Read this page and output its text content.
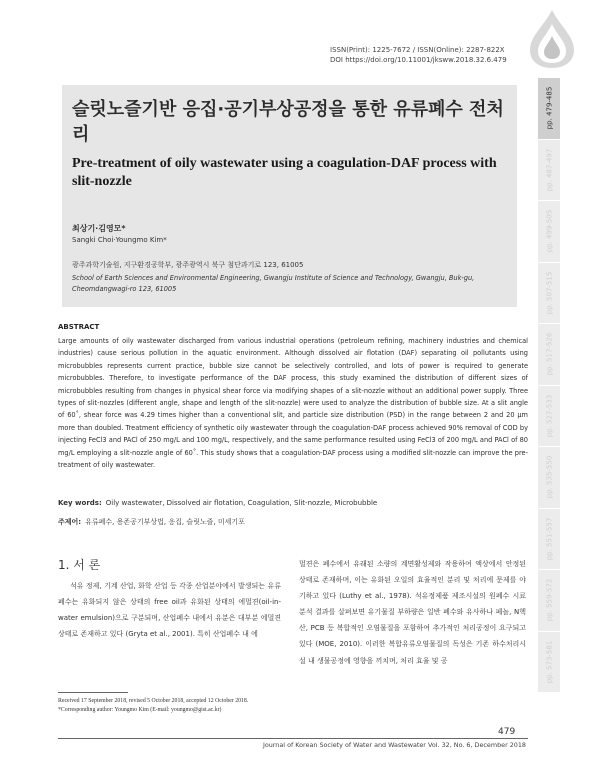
ISSN(Print): 1225-7672 / ISSN(Online): 2287-822X
DOI https://doi.org/10.11001/jksww.2018.32.6.479
슬릿노즐기반 응집·공기부상공정을 통한 유류폐수 전처리
Pre-treatment of oily wastewater using a coagulation-DAF process with slit-nozzle
최상기·김영모*
Sangki Choi·Youngmo Kim*
광주과학기술원, 지구환경공학부, 광주광역시 북구 첨단과기로 123, 61005
School of Earth Sciences and Environmental Engineering, Gwangju Institute of Science and Technology, Gwangju, Buk-gu, Cheomdangwagi-ro 123, 61005
pp. 479-485
pp. 487-497
pp. 499-505
pp. 507-515
pp. 517-526
pp. 527-533
pp. 535-550
pp. 551-557
pp. 559-572
pp. 573-581
ABSTRACT
Large amounts of oily wastewater discharged from various industrial operations (petroleum refining, machinery industries and chemical industries) cause serious pollution in the aquatic environment. Although dissolved air flotation (DAF) separating oil pollutants using microbubbles represents current practice, bubble size cannot be selectively controlled, and lots of power is required to generate microbubbles. Therefore, to investigate performance of the DAF process, this study examined the distribution of different sizes of microbubbles resulting from changes in physical shear force via modifying shapes of a slit-nozzle without an additional power supply. Three types of slit-nozzles (different angle, shape and length of the slit-nozzle) were used to analyze the distribution of bubble size. At a slit angle of 60˚, shear force was 4.29 times higher than a conventional slit, and particle size distribution (PSD) in the range between 2 and 20 μm more than doubled. Treatment efficiency of synthetic oily wastewater through the coagulation-DAF process achieved 90% removal of COD by injecting FeCl3 and PACl of 250 mg/L and 100 mg/L, respectively, and the same performance resulted using FeCl3 of 200 mg/L and PACl of 80 mg/L employing a slit-nozzle angle of 60˚. This study shows that a coagulation-DAF process using a modified slit-nozzle can improve the pre-treatment of oily wastewater.
Key words: Oily wastewater, Dissolved air flotation, Coagulation, Slit-nozzle, Microbubble
주제어: 유류폐수, 용존공기부상법, 응집, 슬릿노즐, 미세기포
1. 서 론
석유 정제, 기계 산업, 화학 산업 등 각종 산업분야에서 발생되는 유류폐수는 유화되지 않은 상태의 free oil과 유화된 상태의 에멀젼(oil-in-water emulsion)으로 구분되며, 산업폐수 내에서 유분은 대부분 에멀젼 상태로 존재하고 있다 (Gryta et al., 2001). 특히 산업폐수 내 에
멀젼은 폐수에서 유래된 소량의 계면활성제와 작용하여 액상에서 안정된 상태로 존재하며, 이는 유화된 오일의 효율적인 분리 및 처리에 문제를 야기하고 있다 (Luthy et al., 1978). 석유정제품 제조시설의 원폐수 시료 분석 결과를 살펴보면 유기물질 부하량은 일반 폐수와 유사하나 페놀, N헥산, PCB 등 복합적인 오염물질을 포함하여 추가적인 처리공정이 요구되고 있다 (MOE, 2010). 이러한 복합유류오염물질의 독성은 기존 하수처리시설 내 생물공정에 영향을 끼치며, 처리 효율 및 공
Received 17 September 2018, revised 5 October 2018, accepted 12 October 2018.
*Corresponding author: Youngmo Kim (E-mail: youngmo@gist.ac.kr)
479
Journal of Korean Society of Water and Wastewater Vol. 32, No. 6, December 2018
